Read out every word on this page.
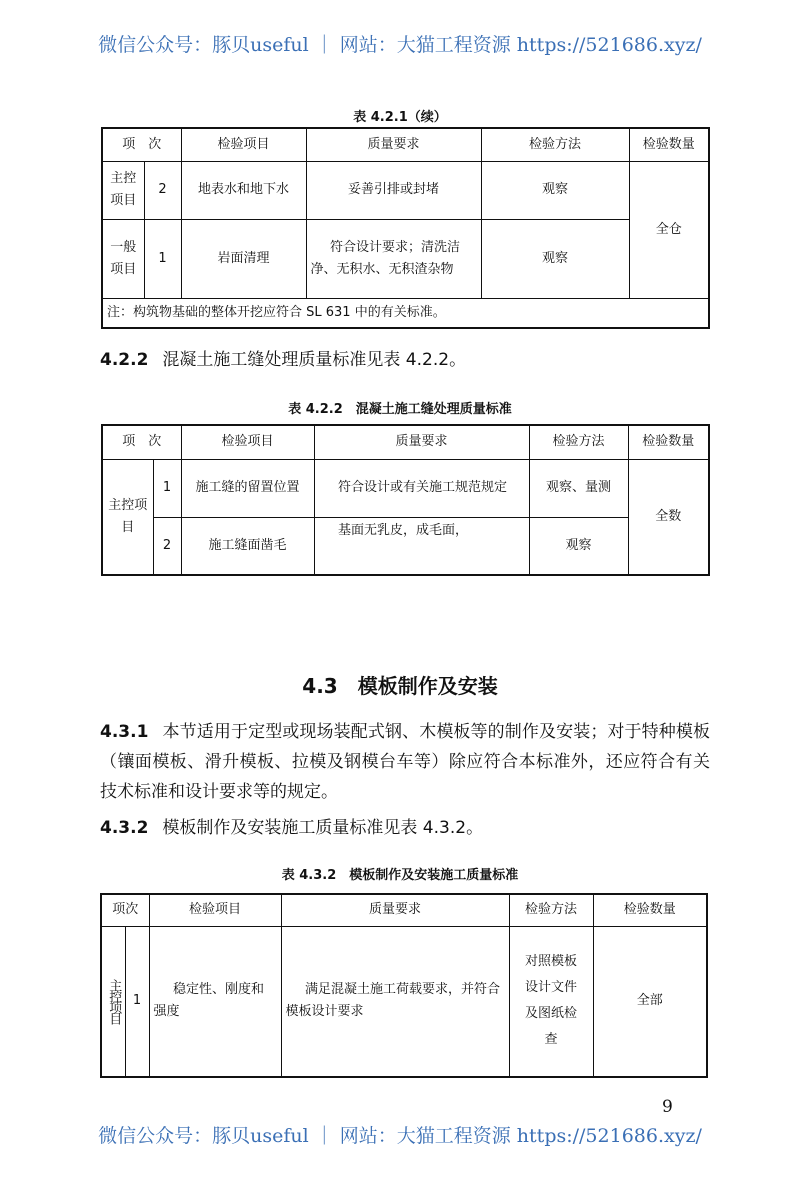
微信公众号：豚贝useful ｜ 网站：大猫工程资源 https://521686.xyz/
表 4.2.1（续）
项　次		检验项目	质量要求	检验方法	检验数量
主控项目	2	地表水和地下水	妥善引排或封堵	观察	全仓
一般项目	1	岩面清理	符合设计要求；清洗洁净、无积水、无积渣杂物	观察	
注：构筑物基础的整体开挖应符合 SL 631 中的有关标准。					
4.2.2 混凝土施工缝处理质量标准见表 4.2.2。
表 4.2.2　混凝土施工缝处理质量标准
项　次		检验项目	质量要求	检验方法	检验数量
主控项目	1	施工缝的留置位置	符合设计或有关施工规范规定	观察、量测	全数
	2	施工缝面凿毛	基面无乳皮，成毛面，	观察	
4.3　 模板制作及安装
4.3.1 本节适用于定型或现场装配式钢、木模板等的制作及安装；对于特种模板（镶面模板、滑升模板、拉模及钢模台车等）除应符合本标准外，还应符合有关技术标准和设计要求等的规定。
4.3.2 模板制作及安装施工质量标准见表 4.3.2。
表 4.3.2　模板制作及安装施工质量标准
项次		检验项目	质量要求	检验方法	检验数量
主控项目	1	稳定性、刚度和强度	满足混凝土施工荷载要求，并符合模板设计要求	对照模板设计文件及图纸检查	全部
9
微信公众号：豚贝useful ｜ 网站：大猫工程资源 https://521686.xyz/
